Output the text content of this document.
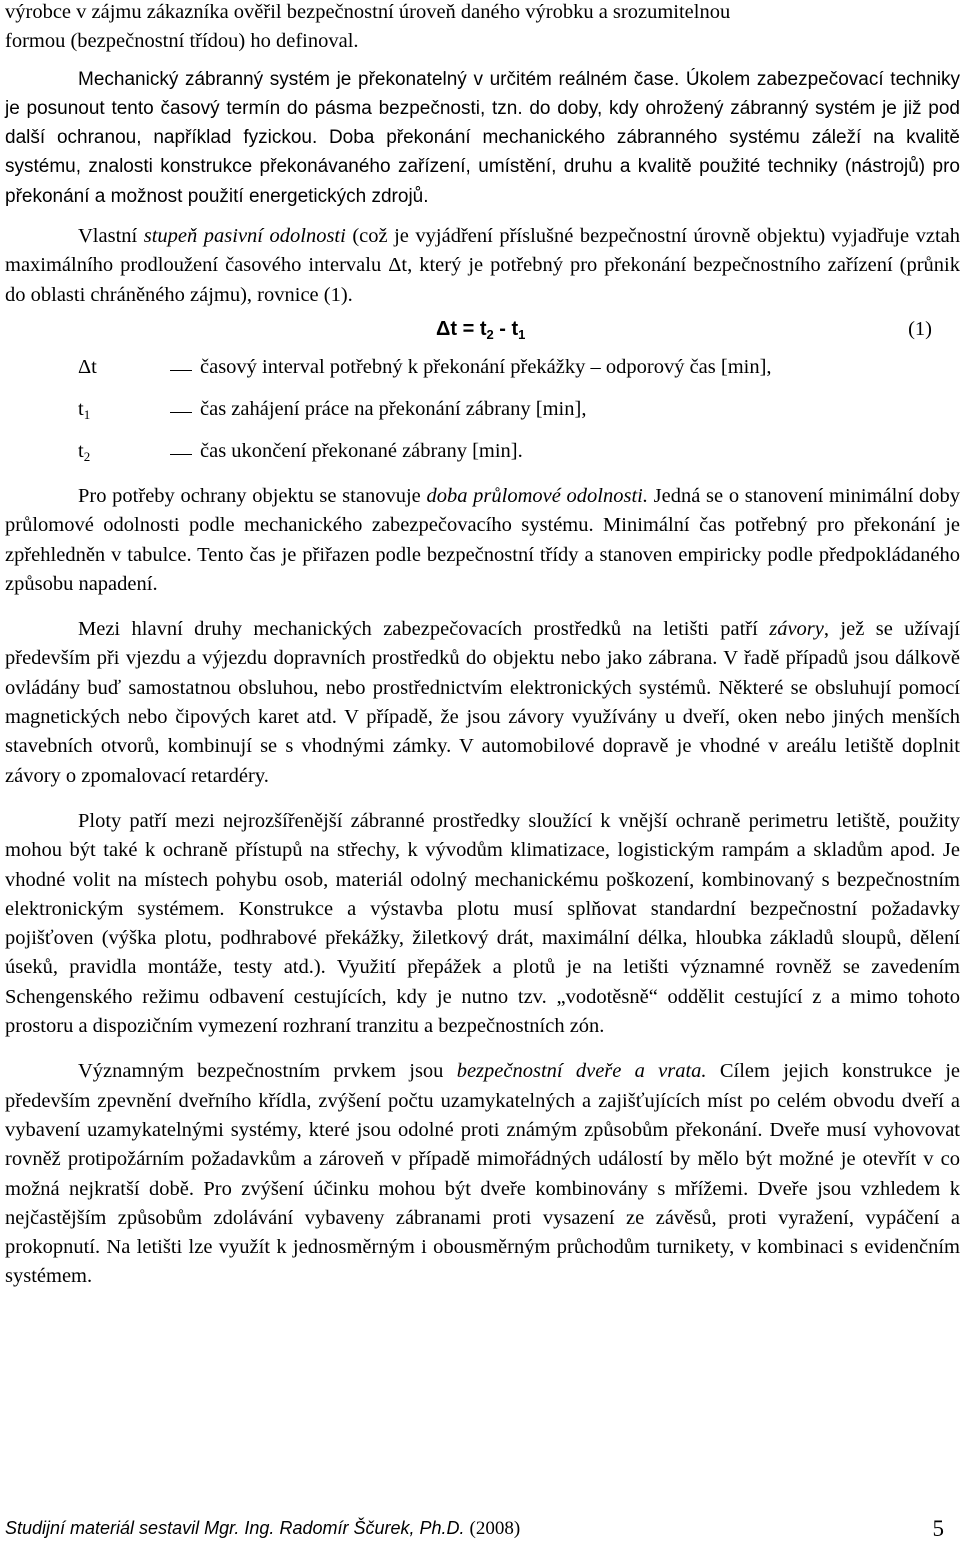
výrobce v zájmu zákazníka ověřil bezpečnostní úroveň daného výrobku a srozumitelnou
formou (bezpečnostní třídou) ho definoval.

Mechanický zábranný systém je překonatelný v určitém reálném čase. Úkolem zabezpečovací techniky je posunout tento časový termín do pásma bezpečnosti, tzn. do doby, kdy ohrožený zábranný systém je již pod další ochranou, například fyzickou. Doba překonání mechanického zábranného systému záleží na kvalitě systému, znalosti konstrukce překonávaného zařízení, umístění, druhu a kvalitě použité techniky (nástrojů) pro překonání a možnost použití energetických zdrojů.

Vlastní stupeň pasivní odolnosti (což je vyjádření příslušné bezpečnostní úrovně objektu) vyjadřuje vztah maximálního prodloužení časového intervalu Δt, který je potřebný pro překonání bezpečnostního zařízení (průnik do oblasti chráněného zájmu), rovnice (1).

$\Delta t = t_2 - t_1$	(1)
Δt	časový interval potřebný k překonání překážky – odporový čas [min],
$t_1$	čas zahájení práce na překonání zábrany [min],
$t_2$	čas ukončení překonané zábrany [min].

Pro potřeby ochrany objektu se stanovuje doba průlomové odolnosti. Jedná se o stanovení minimální doby průlomové odolnosti podle mechanického zabezpečovacího systému. Minimální čas potřebný pro překonání je zpřehledněn v tabulce. Tento čas je přiřazen podle bezpečnostní třídy a stanoven empiricky podle předpokládaného způsobu napadení.

Mezi hlavní druhy mechanických zabezpečovacích prostředků na letišti patří závory, jež se užívají především při vjezdu a výjezdu dopravních prostředků do objektu nebo jako zábrana. V řadě případů jsou dálkově ovládány buď samostatnou obsluhou, nebo prostřednictvím elektronických systémů. Některé se obsluhují pomocí magnetických nebo čipových karet atd. V případě, že jsou závory využívány u dveří, oken nebo jiných menších stavebních otvorů, kombinují se s vhodnými zámky. V automobilové dopravě je vhodné v areálu letiště doplnit závory o zpomalovací retardéry.

Ploty patří mezi nejrozšířenější zábranné prostředky sloužící k vnější ochraně perimetru letiště, použity mohou být také k ochraně přístupů na střechy, k vývodům klimatizace, logistickým rampám a skladům apod. Je vhodné volit na místech pohybu osob, materiál odolný mechanickému poškození, kombinovaný s bezpečnostním elektronickým systémem. Konstrukce a výstavba plotu musí splňovat standardní bezpečnostní požadavky pojišťoven (výška plotu, podhrabové překážky, žiletkový drát, maximální délka, hloubka základů sloupů, dělení úseků, pravidla montáže, testy atd.). Využití přepážek a plotů je na letišti významné rovněž se zavedením Schengenského režimu odbavení cestujících, kdy je nutno tzv. „vodotěsně“ oddělit cestující z a mimo tohoto prostoru a dispozičním vymezení rozhraní tranzitu a bezpečnostních zón.

Významným bezpečnostním prvkem jsou bezpečnostní dveře a vrata. Cílem jejich konstrukce je především zpevnění dveřního křídla, zvýšení počtu uzamykatelných a zajišťujících míst po celém obvodu dveří a vybavení uzamykatelnými systémy, které jsou odolné proti známým způsobům překonání. Dveře musí vyhovovat rovněž protipožárním požadavkům a zároveň v případě mimořádných událostí by mělo být možné je otevřít v co možná nejkratší době. Pro zvýšení účinku mohou být dveře kombinovány s mřížemi. Dveře jsou vzhledem k nejčastějším způsobům zdolávání vybaveny zábranami proti vysazení ze závěsů, proti vyražení, vypáčení a prokopnutí. Na letišti lze využít k jednosměrným i obousměrným průchodům turnikety, v kombinaci s evidenčním systémem.

Studijní materiál sestavil Mgr. Ing. Radomír Ščurek, Ph.D. (2008)	5
